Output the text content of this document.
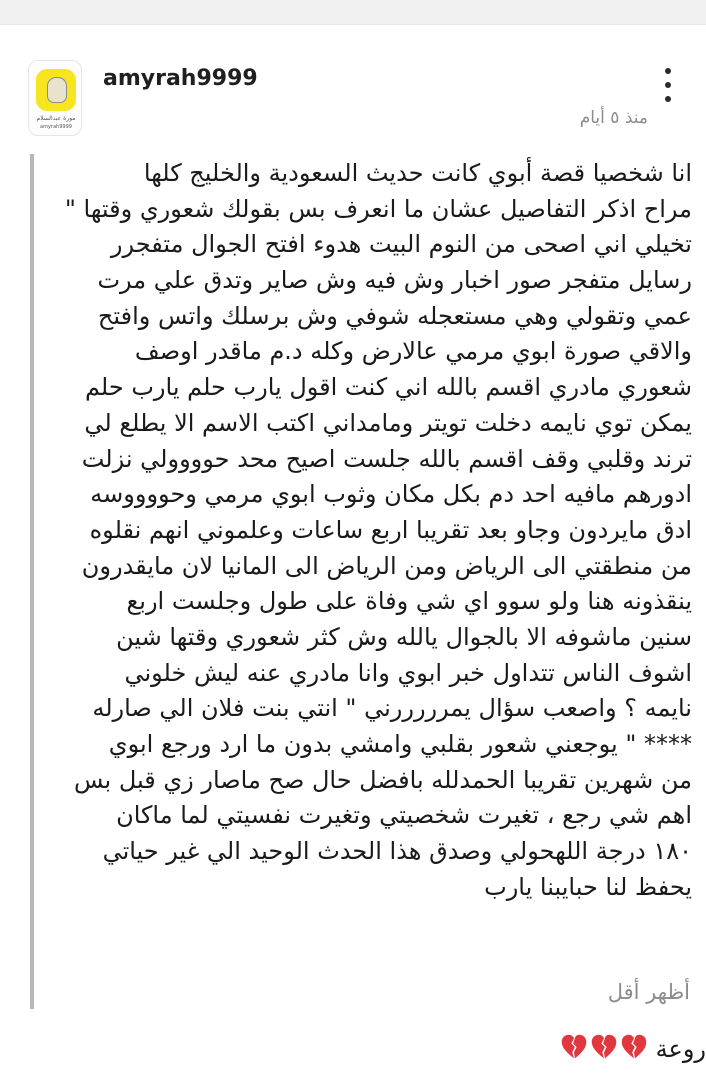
مورة عبدالسلام
amyrah9999
amyrah9999
منذ ٥ أيام
انا شخصيا قصة أبوي كانت حديث السعودية والخليج كلها
مراح اذكر التفاصيل عشان ما انعرف بس بقولك شعوري وقتها "
تخيلي اني اصحى من النوم البيت هدوء افتح الجوال متفجرر
رسايل متفجر صور اخبار وش فيه وش صاير وتدق علي مرت
عمي وتقولي وهي مستعجله شوفي وش برسلك واتس وافتح
والاقي صورة ابوي مرمي عالارض وكله د.م ماقدر اوصف
شعوري مادري اقسم بالله اني كنت اقول يارب حلم يارب حلم
يمكن توي نايمه دخلت تويتر ومامداني اكتب الاسم الا يطلع لي
ترند وقلبي وقف اقسم بالله جلست اصيح محد حوووولي نزلت
ادورهم مافيه احد دم بكل مكان وثوب ابوي مرمي وحووووسه
ادق مايردون وجاو بعد تقريبا اربع ساعات وعلموني انهم نقلوه
من منطقتي الى الرياض ومن الرياض الى المانيا لان مايقدرون
ينقذونه هنا ولو سوو اي شي وفاة على طول وجلست اربع
سنين ماشوفه الا بالجوال يالله وش كثر شعوري وقتها شين
اشوف الناس تتداول خبر ابوي وانا مادري عنه ليش خلوني
نايمه ؟ واصعب سؤال يمرررررني " انتي بنت فلان الي صارله
**** " يوجعني شعور بقلبي وامشي بدون ما ارد ورجع ابوي
من شهرين تقريبا الحمدلله بافضل حال صح ماصار زي قبل بس
اهم شي رجع ، تغيرت شخصيتي وتغيرت نفسيتي لما ماكان
١٨٠ درجة اللهحولي وصدق هذا الحدث الوحيد الي غير حياتي
يحفظ لنا حبايبنا يارب
أظهر أقل
روعة
